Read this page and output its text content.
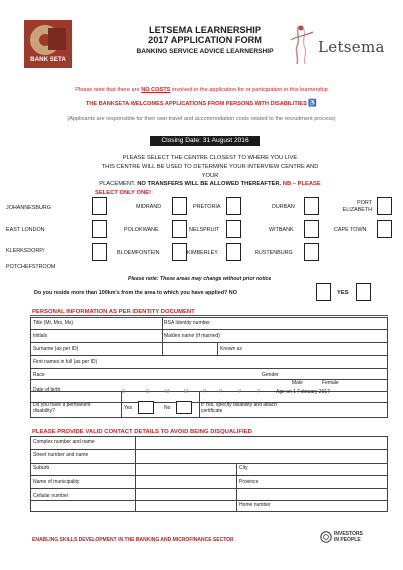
BANK SETA
LETSEMA LEARNERSHIP
2017 APPLICATION FORM
BANKING SERVICE ADVICE LEARNERSHIP	Letsema
Please note that there are NO COSTS involved in the application for or participation in this learnership
THE BANKSETA WELCOMES APPLICATIONS FROM PERSONS WITH DISABILITIES ♿
(Applicants are responsible for their own travel and accommodation costs related to the recruitment process)
Closing Date: 31 August 2016
PLEASE SELECT THE CENTRE CLOSEST TO WHERE YOU LIVE
THIS CENTRE WILL BE USED TO DETERMINE YOUR INTERVIEW CENTRE AND YOUR
PLACEMENT. NO TRANSFERS WILL BE ALLOWED THEREAFTER. NB – PLEASE
SELECT ONLY ONE!
JOHANNESBURG	MIDRAND	PRETORIA	DURBAN
PORT ELIZABETH
EAST LONDON	POLOKWANE	NELSPRUIT	WITBANK	CAPE TOWN
KLERKSDORP/	BLOEMFONTEIN	KIMBERLEY	RUSTENBURG
POTCHEFSTROOM
Please note: These areas may change without prior notice
Do you reside more than 100km's from the area to which you have applied? NO	YES
PERSONAL INFORMATION AS PER IDENTITY DOCUMENT
Title (Mr, Mrs, Ms)	RSA Identity number
Initials	Maiden name (if married)
Surname (as per ID)	Known as
First names in full (as per ID)
Race	Gender
Male	Female
Date of birth	D	D	M	M	Y	Y	Y	Y	Age on 1 February 2017
Do you have a permanent disability?	Yes	No	If Yes, specify disability and attach certificate
PLEASE PROVIDE VALID CONTACT DETAILS TO AVOID BEING DISQUALIFIED
Complex number and name
Street number and name
Suburb	City
Name of municipality	Province
Cellular number
Home number
ENABLING SKILLS DEVELOPMENT IN THE BANKING AND MICROFINANCE SECTOR
INVESTORS
IN PEOPLE
